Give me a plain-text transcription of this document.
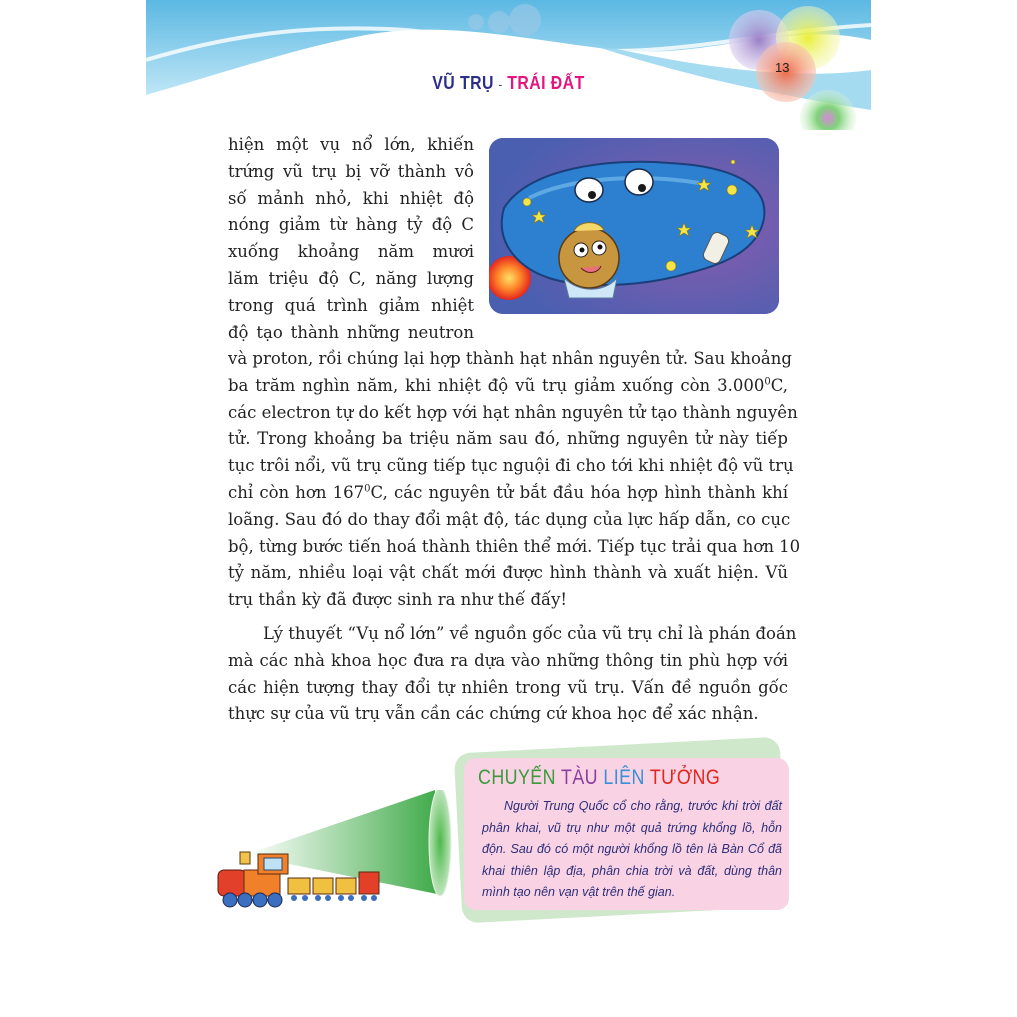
13
VŨ TRỤ - TRÁI ĐẤT
hiện một vụ nổ lớn, khiến
trứng vũ trụ bị vỡ thành vô
số mảnh nhỏ, khi nhiệt độ
nóng giảm từ hàng tỷ độ C
xuống khoảng năm mươi
lăm triệu độ C, năng lượng
trong quá trình giảm nhiệt
độ tạo thành những neutron
và proton, rồi chúng lại hợp thành hạt nhân nguyên tử. Sau khoảng
ba trăm nghìn năm, khi nhiệt độ vũ trụ giảm xuống còn 3.000$^0$C,
các electron tự do kết hợp với hạt nhân nguyên tử tạo thành nguyên
tử. Trong khoảng ba triệu năm sau đó, những nguyên tử này tiếp
tục trôi nổi, vũ trụ cũng tiếp tục nguội đi cho tới khi nhiệt độ vũ trụ
chỉ còn hơn $167^0C$, các nguyên tử bắt đầu hóa hợp hình thành khí
loãng. Sau đó do thay đổi mật độ, tác dụng của lực hấp dẫn, co cục
bộ, từng bước tiến hoá thành thiên thể mới. Tiếp tục trải qua hơn 10
tỷ năm, nhiều loại vật chất mới được hình thành và xuất hiện. Vũ
trụ thần kỳ đã được sinh ra như thế đấy!
Lý thuyết “Vụ nổ lớn” về nguồn gốc của vũ trụ chỉ là phán đoán
mà các nhà khoa học đưa ra dựa vào những thông tin phù hợp với
các hiện tượng thay đổi tự nhiên trong vũ trụ. Vấn đề nguồn gốc
thực sự của vũ trụ vẫn cần các chứng cứ khoa học để xác nhận.
CHUYẾN TÀU LIÊN TƯỞNG
Người Trung Quốc cổ cho rằng, trước khi trời đất
phân khai, vũ trụ như một quả trứng khổng lồ, hỗn
độn. Sau đó có một người khổng lồ tên là Bàn Cổ đã
khai thiên lập địa, phân chia trời và đất, dùng thân
mình tạo nên vạn vật trên thế gian.
